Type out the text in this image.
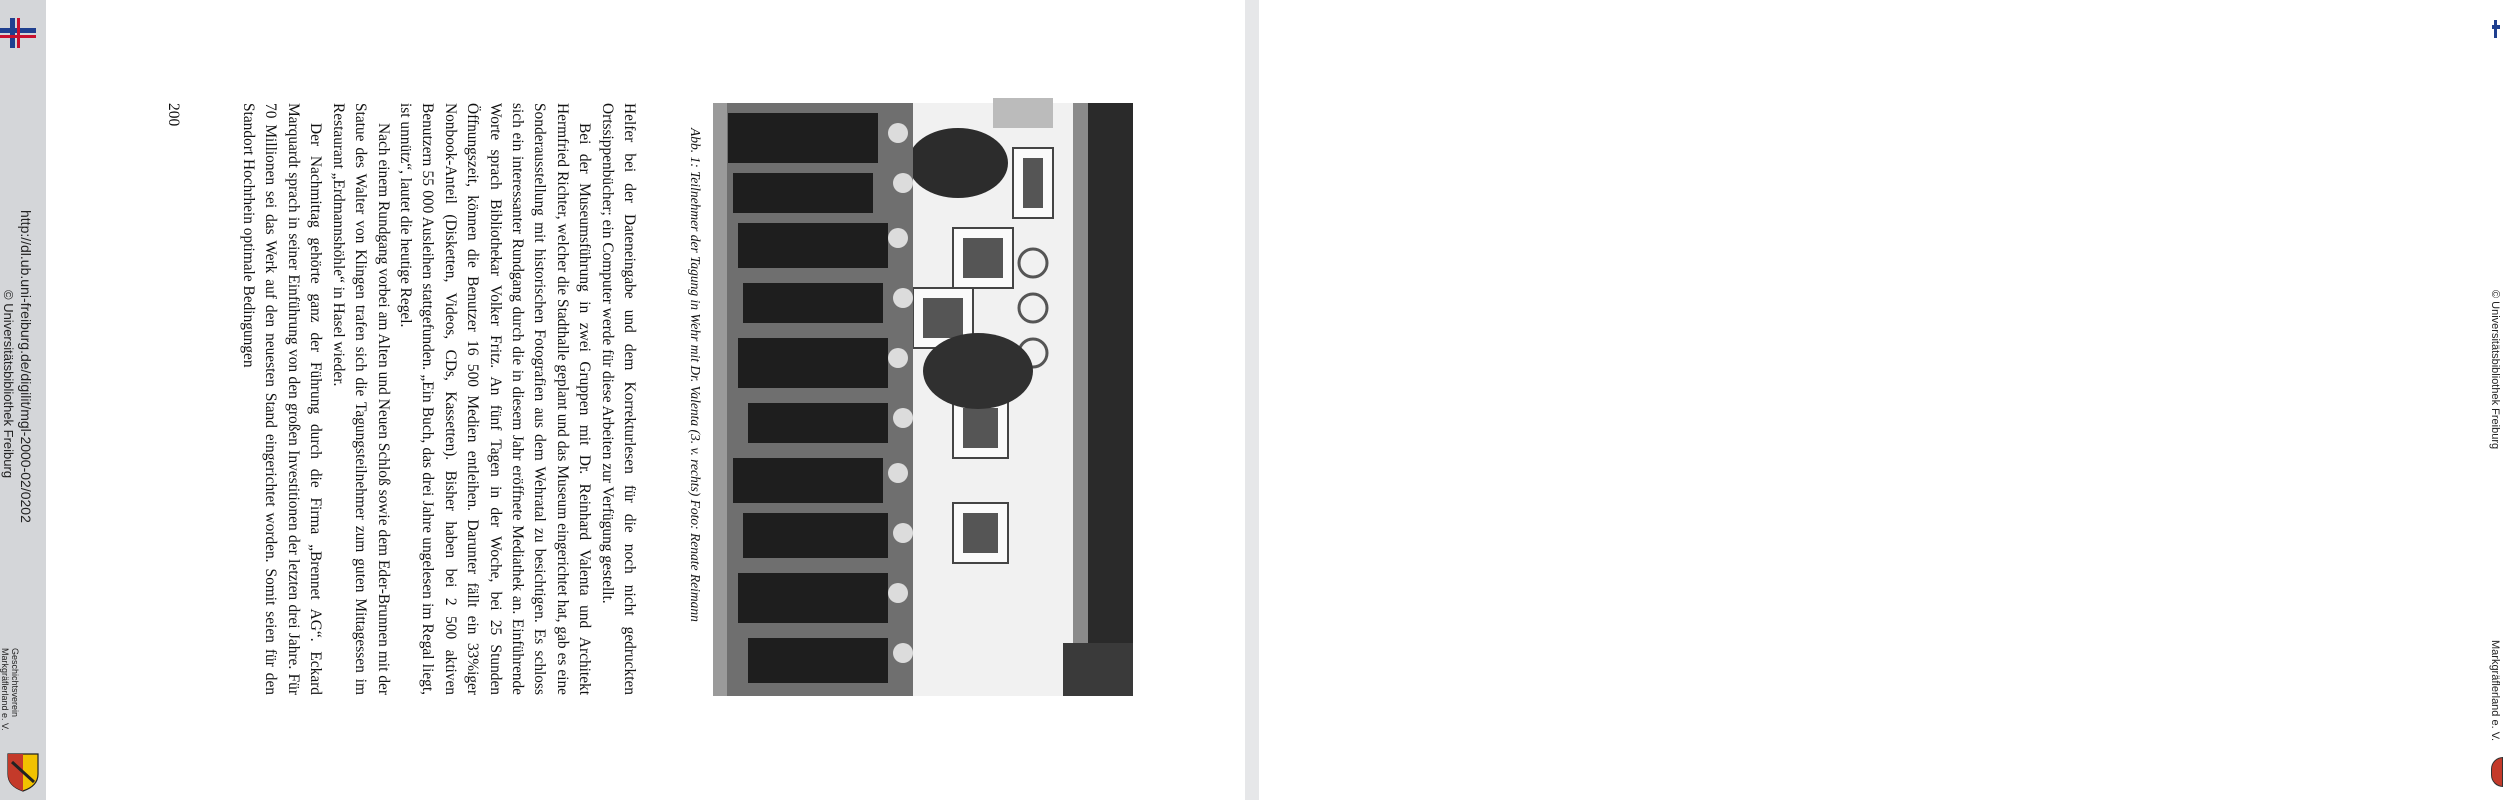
http://dl.ub.uni-freiburg.de/digilit/mgl-2000-02/0202
© Universitätsbibliothek Freiburg
Geschichtsverein
Markgräflerland e. V.
© Universitätsbibliothek Freiburg
Markgräflerland e. V.
Abb. 1: Teilnehmer der Tagung in Wehr mit Dr. Valenta (3. v. rechts) Foto: Renate Reimann

Helfer bei der Dateneingabe und dem Korrekturlesen für die noch nicht gedruckten Ortssippenbücher; ein Computer werde für diese Arbeiten zur Verfügung gestellt.

Bei der Museumsführung in zwei Gruppen mit Dr. Reinhard Valenta und Architekt Hermfried Richter, welcher die Stadthalle geplant und das Museum eingerichtet hat, gab es eine Sonderausstellung mit historischen Fotografien aus dem Wehratal zu besichtigen. Es schloss sich ein interessanter Rundgang durch die in diesem Jahr eröffnete Mediathek an. Einführende Worte sprach Bibliothekar Volker Fritz. An fünf Tagen in der Woche, bei 25 Stunden Öffnungszeit, können die Benutzer 16 500 Medien entleihen. Darunter fällt ein 33%iger Nonbook-Anteil (Disketten, Videos, CDs, Kassetten). Bisher haben bei 2 500 aktiven Benutzern 55 000 Ausleihen stattgefunden. „Ein Buch, das drei Jahre ungelesen im Regal liegt, ist unnütz“, lautet die heutige Regel.

Nach einem Rundgang vorbei am Alten und Neuen Schloß sowie dem Eder-Brunnen mit der Statue des Walter von Klingen trafen sich die Tagungsteilnehmer zum guten Mittagessen im Restaurant „Erdmannshöhle“ in Hasel wieder.

Der Nachmittag gehörte ganz der Führung durch die Firma „Brennet AG“. Eckard Marquardt sprach in seiner Einführung von den großen Investitionen der letzten drei Jahre. Für 70 Millionen sei das Werk auf den neuesten Stand eingerichtet worden. Somit seien für den Standort Hochrhein optimale Bedingungen

200
